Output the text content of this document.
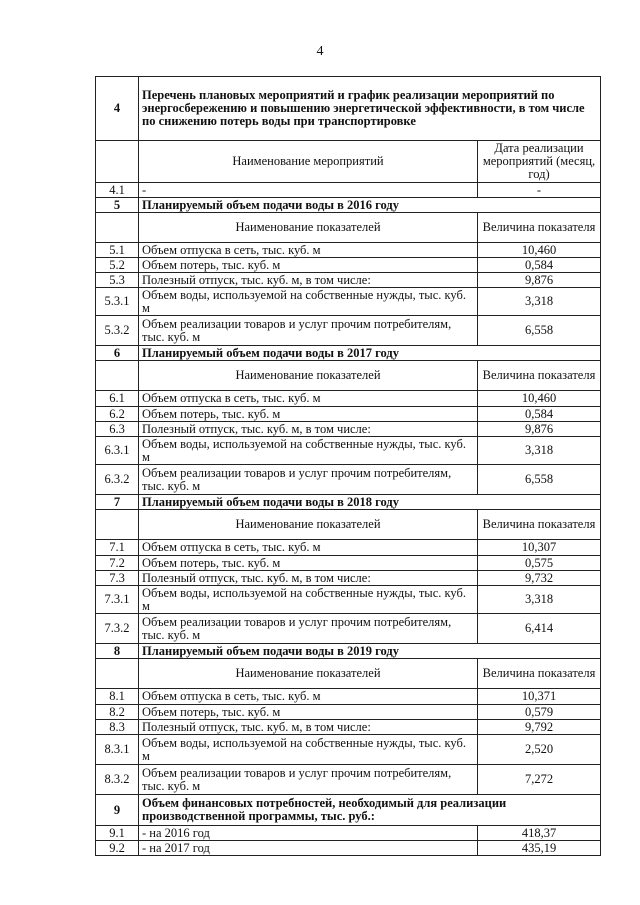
4
4	Перечень плановых мероприятий и график реализации мероприятий по энергосбережению и повышению энергетической эффективности, в том числе по снижению потерь воды при транспортировке	
	Наименование мероприятий	Дата реализации мероприятий (месяц, год)
4.1	-	-
5	Планируемый объем подачи воды в 2016 году	
	Наименование показателей	Величина показателя
5.1	Объем отпуска в сеть, тыс. куб. м	10,460
5.2	Объем потерь, тыс. куб. м	0,584
5.3	Полезный отпуск, тыс. куб. м, в том числе:	9,876
5.3.1	Объем воды, используемой на собственные нужды, тыс. куб. м	3,318
5.3.2	Объем реализации товаров и услуг прочим потребителям, тыс. куб. м	6,558
6	Планируемый объем подачи воды в 2017 году	
	Наименование показателей	Величина показателя
6.1	Объем отпуска в сеть, тыс. куб. м	10,460
6.2	Объем потерь, тыс. куб. м	0,584
6.3	Полезный отпуск, тыс. куб. м, в том числе:	9,876
6.3.1	Объем воды, используемой на собственные нужды, тыс. куб. м	3,318
6.3.2	Объем реализации товаров и услуг прочим потребителям, тыс. куб. м	6,558
7	Планируемый объем подачи воды в 2018 году	
	Наименование показателей	Величина показателя
7.1	Объем отпуска в сеть, тыс. куб. м	10,307
7.2	Объем потерь, тыс. куб. м	0,575
7.3	Полезный отпуск, тыс. куб. м, в том числе:	9,732
7.3.1	Объем воды, используемой на собственные нужды, тыс. куб. м	3,318
7.3.2	Объем реализации товаров и услуг прочим потребителям, тыс. куб. м	6,414
8	Планируемый объем подачи воды в 2019 году	
	Наименование показателей	Величина показателя
8.1	Объем отпуска в сеть, тыс. куб. м	10,371
8.2	Объем потерь, тыс. куб. м	0,579
8.3	Полезный отпуск, тыс. куб. м, в том числе:	9,792
8.3.1	Объем воды, используемой на собственные нужды, тыс. куб. м	2,520
8.3.2	Объем реализации товаров и услуг прочим потребителям, тыс. куб. м	7,272
9	Объем финансовых потребностей, необходимый для реализации производственной программы, тыс. руб.:	
9.1	- на 2016 год	418,37
9.2	- на 2017 год	435,19
